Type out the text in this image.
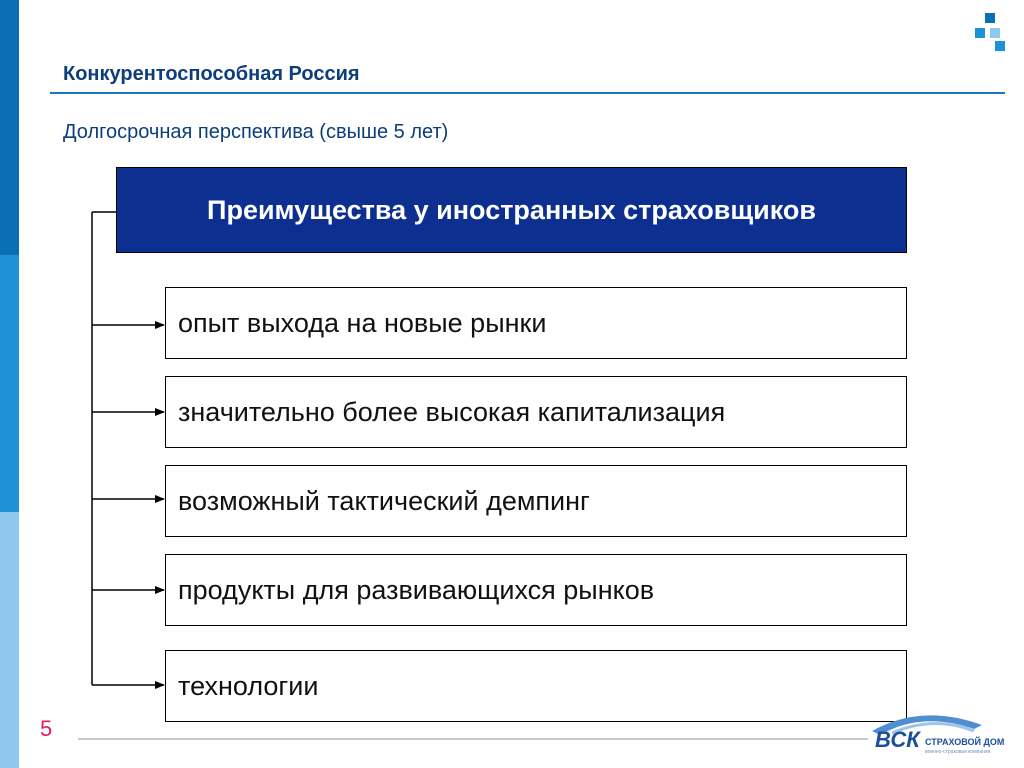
Конкурентоспособная Россия
Долгосрочная перспектива (свыше 5 лет)
Преимущества у иностранных страховщиков
опыт выхода на новые рынки
значительно более высокая капитализация
возможный тактический демпинг
продукты для развивающихся рынков
технологии
5	ВСК СТРАХОВОЙ ДОМ
военно-страховая компания
